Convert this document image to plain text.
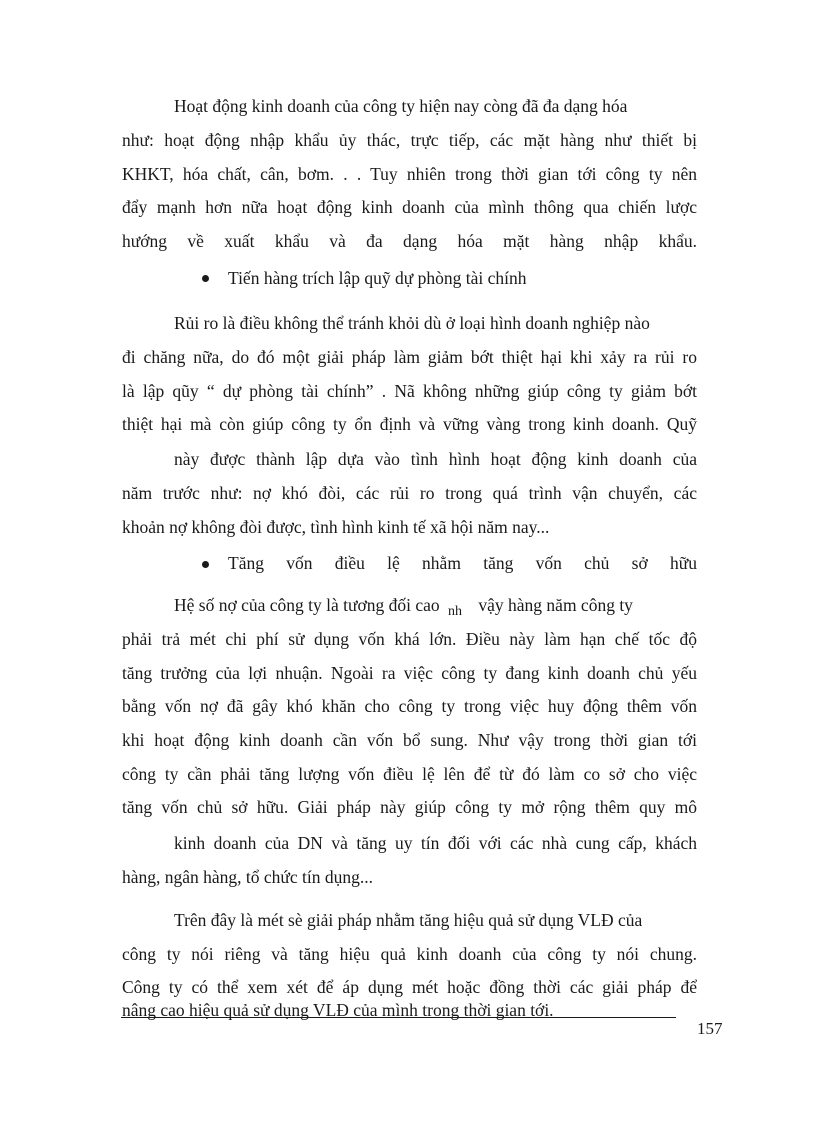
Hoạt động kinh doanh của công ty hiện nay còng đã đa dạng hóa

như: hoạt động nhập khẩu ủy thác, trực tiếp, các mặt hàng như thiết bị

KHKT, hóa chất, cân, bơm. . . Tuy nhiên trong thời gian tới công ty nên

đẩy mạnh hơn nữa hoạt động kinh doanh của mình thông qua chiến lược

hướng về xuất khẩu và đa dạng hóa mặt hàng nhập khẩu.

Tiến hàng trích lập quỹ dự phòng tài chính

Rủi ro là điều không thể tránh khỏi dù ở loại hình doanh nghiệp nào

đi chăng nữa, do đó một giải pháp làm giảm bớt thiệt hại khi xảy ra rủi ro

là lập qũy “ dự phòng tài chính” . Nã không những giúp công ty giảm bớt

thiệt hại mà còn giúp công ty ổn định và vững vàng trong kinh doanh. Quỹ

này được thành lập dựa vào tình hình hoạt động kinh doanh của

năm trước như: nợ khó đòi, các rủi ro trong quá trình vận chuyển, các

khoản nợ không đòi được, tình hình kinh tế xã hội năm nay...

Tăng vốn điều lệ nhằm tăng vốn chủ sở hữu

Hệ số nợ của công ty là tương đối cao $_{nh}$ vậy hàng năm công ty

phải trả mét chi phí sử dụng vốn khá lớn. Điều này làm hạn chế tốc độ

tăng trưởng của lợi nhuận. Ngoài ra việc công ty đang kinh doanh chủ yếu

bằng vốn nợ đã gây khó khăn cho công ty trong việc huy động thêm vốn

khi hoạt động kinh doanh cần vốn bổ sung. Như vậy trong thời gian tới

công ty cần phải tăng lượng vốn điều lệ lên để từ đó làm co sở cho việc

tăng vốn chủ sở hữu. Giải pháp này giúp công ty mở rộng thêm quy mô

kinh doanh của DN và tăng uy tín đối với các nhà cung cấp, khách

hàng, ngân hàng, tổ chức tín dụng...

Trên đây là mét sè giải pháp nhằm tăng hiệu quả sử dụng VLĐ của

công ty nói riêng và tăng hiệu quả kinh doanh của công ty nói chung.

Công ty có thể xem xét để áp dụng mét hoặc đồng thời các giải pháp để

nâng cao hiệu quả sử dụng VLĐ của mình trong thời gian tới.

157
